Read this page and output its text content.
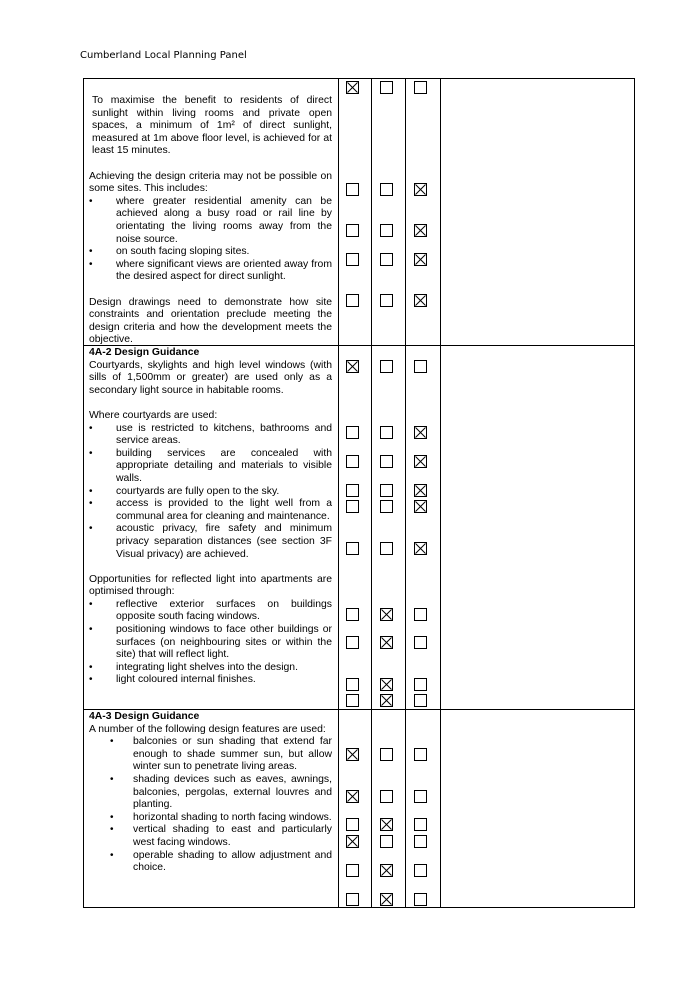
Cumberland Local Planning Panel

To maximise the benefit to residents of direct sunlight within living rooms and private open spaces, a minimum of 1m² of direct sunlight, measured at 1m above floor level, is achieved for at least 15 minutes.

Achieving the design criteria may not be possible on some sites. This includes:

• where greater residential amenity can be achieved along a busy road or rail line by orientating the living rooms away from the noise source.

• on south facing sloping sites.

• where significant views are oriented away from the desired aspect for direct sunlight.

Design drawings need to demonstrate how site constraints and orientation preclude meeting the design criteria and how the development meets the objective.

4A-2 Design Guidance

Courtyards, skylights and high level windows (with sills of 1,500mm or greater) are used only as a secondary light source in habitable rooms.

Where courtyards are used:

• use is restricted to kitchens, bathrooms and service areas.

• building services are concealed with appropriate detailing and materials to visible walls.

• courtyards are fully open to the sky.

• access is provided to the light well from a communal area for cleaning and maintenance.

• acoustic privacy, fire safety and minimum privacy separation distances (see section 3F Visual privacy) are achieved.

Opportunities for reflected light into apartments are optimised through:

• reflective exterior surfaces on buildings opposite south facing windows.

• positioning windows to face other buildings or surfaces (on neighbouring sites or within the site) that will reflect light.

• integrating light shelves into the design.

• light coloured internal finishes.

4A-3 Design Guidance

A number of the following design features are used:

• balconies or sun shading that extend far enough to shade summer sun, but allow winter sun to penetrate living areas.

• shading devices such as eaves, awnings, balconies, pergolas, external louvres and planting.

• horizontal shading to north facing windows.

• vertical shading to east and particularly west facing windows.

• operable shading to allow adjustment and choice.
